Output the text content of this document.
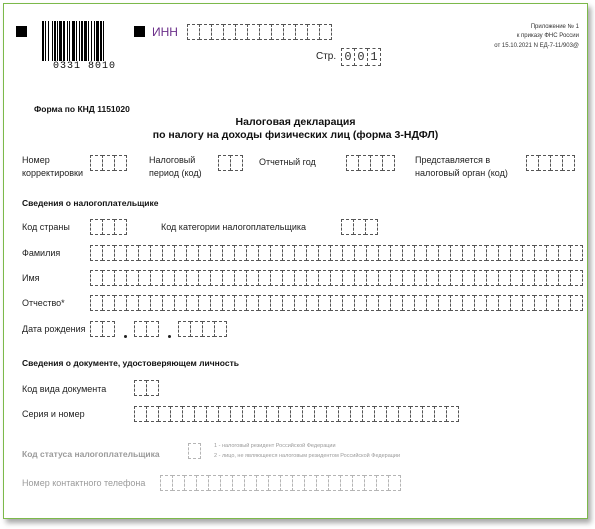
0331 8010
ИНН	Приложение № 1
к приказу ФНС России
от 15.10.2021 N ЕД-7-11/903@
Стр. 0 0 1
Форма по КНД 1151020
Налоговая декларация
по налогу на доходы физических лиц (форма 3-НДФЛ)
Номер корректировки
Налоговый период (код)
Отчетный год	Представляется в налоговый орган (код)
Сведения о налогоплательщике
Код страны	Код категории налогоплательщика
Фамилия
Имя
Отчество*
Дата рождения
Сведения о документе, удостоверяющем личность
Код вида документа
Серия и номер
Код статуса налогоплательщика
1 - налоговый резидент Российской Федерации
2 - лицо, не являющееся налоговым резидентом Российской Федерации
Номер контактного телефона
